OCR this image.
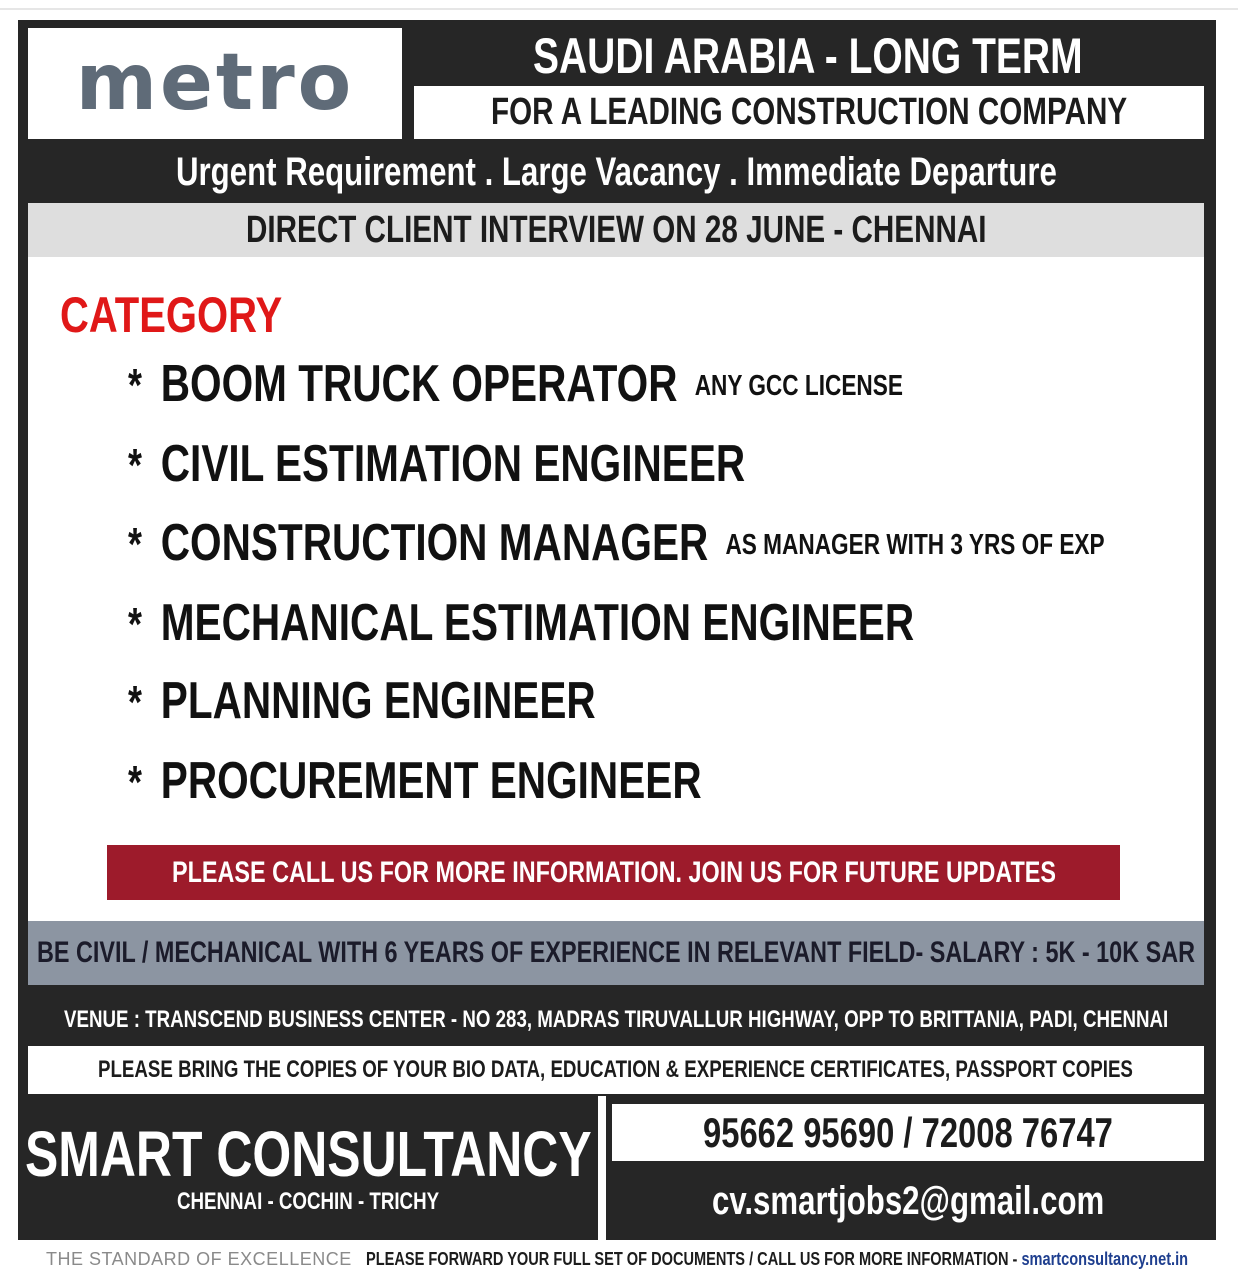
metro	SAUDI ARABIA - LONG TERM
FOR A LEADING CONSTRUCTION COMPANY
Urgent Requirement . Large Vacancy . Immediate Departure
DIRECT CLIENT INTERVIEW ON 28 JUNE - CHENNAI
CATEGORY
* BOOM TRUCK OPERATOR ANY GCC LICENSE
* CIVIL ESTIMATION ENGINEER
* CONSTRUCTION MANAGER AS MANAGER WITH 3 YRS OF EXP
* MECHANICAL ESTIMATION ENGINEER
* PLANNING ENGINEER
* PROCUREMENT ENGINEER
PLEASE CALL US FOR MORE INFORMATION. JOIN US FOR FUTURE UPDATES
BE CIVIL / MECHANICAL WITH 6 YEARS OF EXPERIENCE IN RELEVANT FIELD- SALARY : 5K - 10K SAR
VENUE : TRANSCEND BUSINESS CENTER - NO 283, MADRAS TIRUVALLUR HIGHWAY, OPP TO BRITTANIA, PADI, CHENNAI
PLEASE BRING THE COPIES OF YOUR BIO DATA, EDUCATION & EXPERIENCE CERTIFICATES, PASSPORT COPIES
SMART CONSULTANCY
CHENNAI - COCHIN - TRICHY
95662 95690 / 72008 76747
cv.smartjobs2@gmail.com
THE STANDARD OF EXCELLENCE PLEASE FORWARD YOUR FULL SET OF DOCUMENTS / CALL US FOR MORE INFORMATION - smartconsultancy.net.in
